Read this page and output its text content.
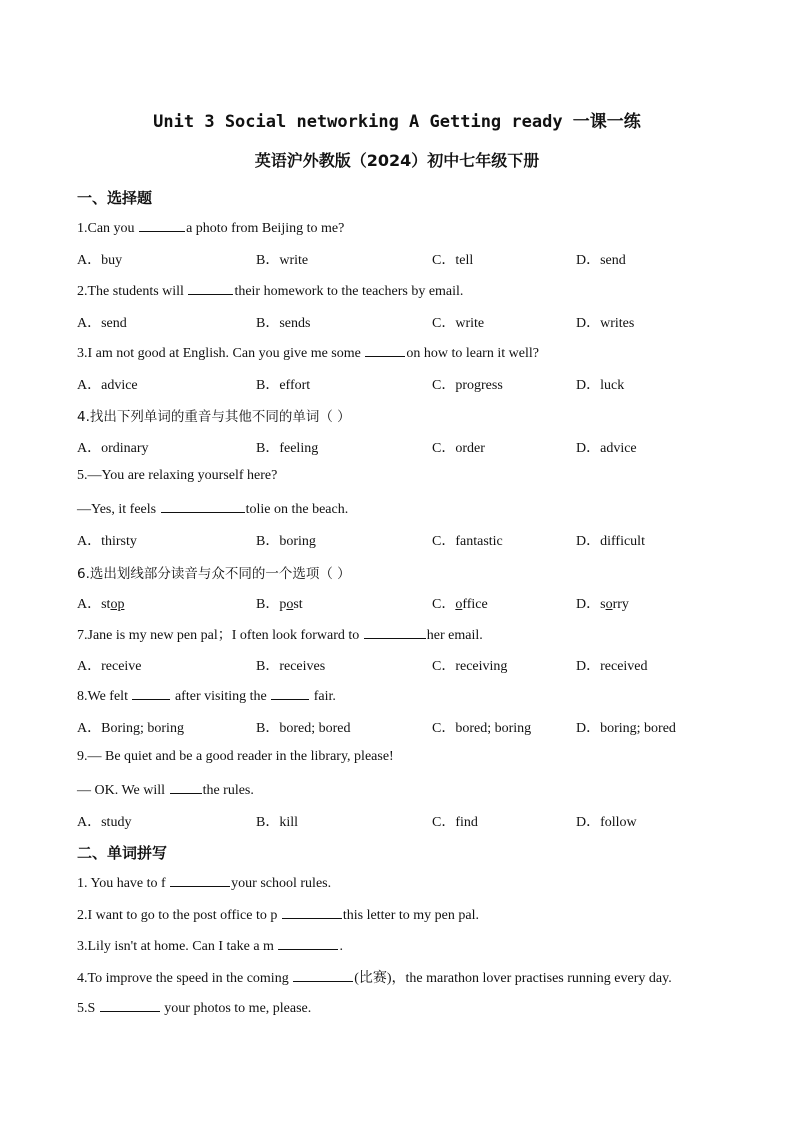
Unit 3 Social networking A Getting ready 一课一练
英语沪外教版（2024）初中七年级下册
一、选择题
1.Can you	a photo from Beijing to me?
A．buy	B．write	C．tell	D．send
2.The students will	their homework to the teachers by email.
A．send	B．sends	C．write	D．writes
3.I am not good at English. Can you give me some	on how to learn it well?
A．advice	B．effort	C．progress	D．luck
4.找出下列单词的重音与其他不同的单词（ ）
A．ordinary	B．feeling	C．order	D．advice
5.—You are relaxing yourself here?
—Yes, it feels	tolie on the beach.
A．thirsty	B．boring	C．fantastic	D．difficult
6.选出划线部分读音与众不同的一个选项（ ）
A．stop	B．post	C．office	D．sorry
7.Jane is my new pen pal；I often look forward to	her email.
A．receive	B．receives	C．receiving	D．received
8.We felt	after visiting the	fair.
A．Boring; boring	B．bored; bored	C．bored; boring	D．boring; bored
9.— Be quiet and be a good reader in the library, please!
— OK. We will the rules.
A．study	B．kill	C．find	D．follow
二、单词拼写
1. You have to f	your school rules.
2.I want to go to the post office to p	this letter to my pen pal.
3.Lily isn't at home. Can I take a m	.
4.To improve the speed in the coming	(比赛)，the marathon lover practises running every day.
5.S	your photos to me, please.
